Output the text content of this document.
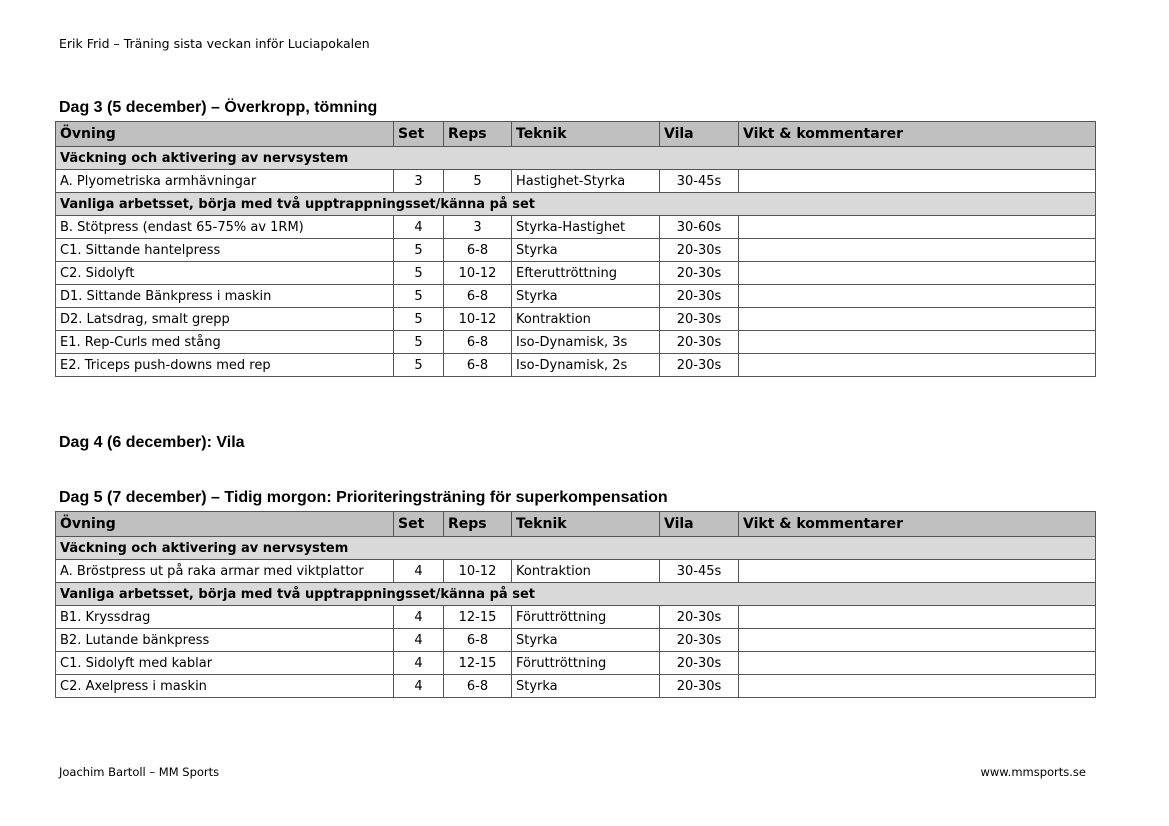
Erik Frid – Träning sista veckan inför Luciapokalen
Dag 3 (5 december) – Överkropp, tömning
Övning	Set	Reps	Teknik	Vila	Vikt & kommentarer
Väckning och aktivering av nervsystem					
A. Plyometriska armhävningar	3	5	Hastighet-Styrka	30-45s	
Vanliga arbetsset, börja med två upptrappningsset/känna på set					
B. Stötpress (endast 65-75% av 1RM)	4	3	Styrka-Hastighet	30-60s	
C1. Sittande hantelpress	5	6-8	Styrka	20-30s	
C2. Sidolyft	5	10-12	Efteruttröttning	20-30s	
D1. Sittande Bänkpress i maskin	5	6-8	Styrka	20-30s	
D2. Latsdrag, smalt grepp	5	10-12	Kontraktion	20-30s	
E1. Rep-Curls med stång	5	6-8	Iso-Dynamisk, 3s	20-30s	
E2. Triceps push-downs med rep	5	6-8	Iso-Dynamisk, 2s	20-30s	
Dag 4 (6 december): Vila
Dag 5 (7 december) – Tidig morgon: Prioriteringsträning för superkompensation
Övning	Set	Reps	Teknik	Vila	Vikt & kommentarer
Väckning och aktivering av nervsystem					
A. Bröstpress ut på raka armar med viktplattor	4	10-12	Kontraktion	30-45s	
Vanliga arbetsset, börja med två upptrappningsset/känna på set					
B1. Kryssdrag	4	12-15	Föruttröttning	20-30s	
B2. Lutande bänkpress	4	6-8	Styrka	20-30s	
C1. Sidolyft med kablar	4	12-15	Föruttröttning	20-30s	
C2. Axelpress i maskin	4	6-8	Styrka	20-30s	
Joachim Bartoll – MM Sports	www.mmsports.se
